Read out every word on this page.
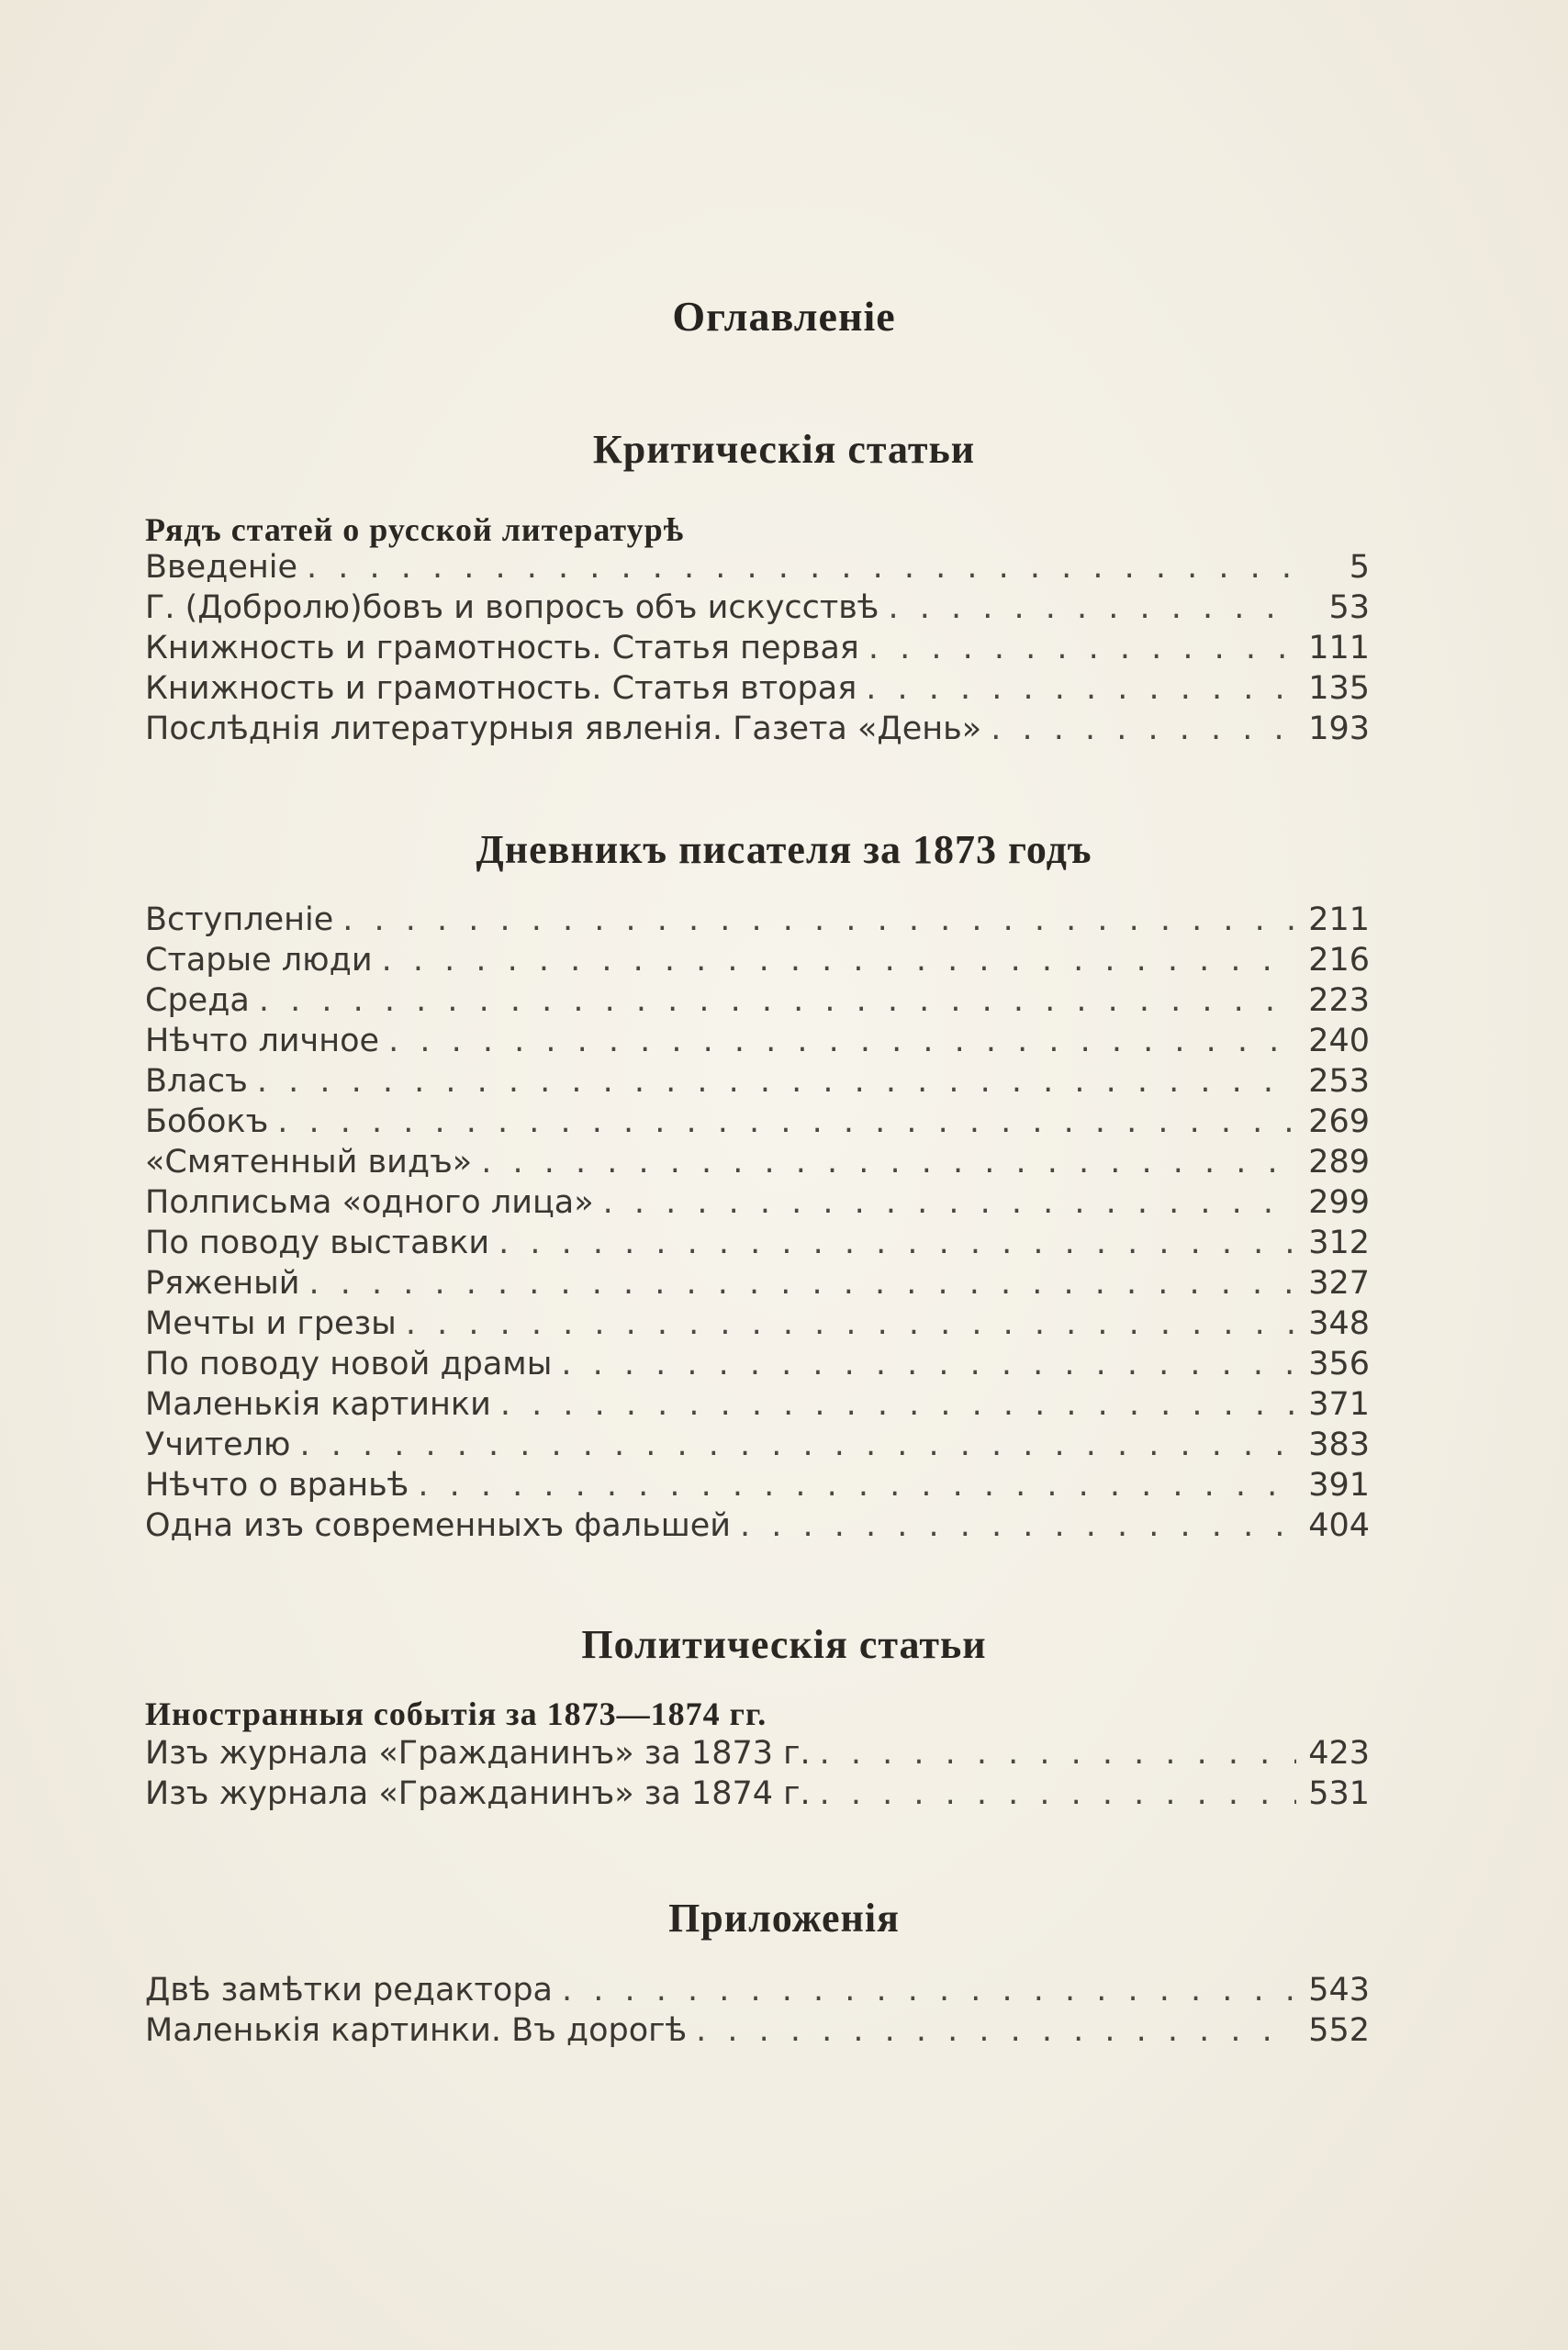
Оглавленіе
Критическія статьи
Рядъ статей о русской литературѣ
Введеніе . . .	5
Г. (Добролю)бовъ и вопросъ объ искусствѣ . . .	53
Книжность и грамотность. Статья первая . . .	111
Книжность и грамотность. Статья вторая . . .	135
Послѣднія литературныя явленія. Газета «День» . . .	193
Дневникъ писателя за 1873 годъ
Вступленіе . . .	211
Старые люди . . .	216
Среда . . .	223
Нѣчто личное . . .	240
Власъ . . .	253
Бобокъ . . .	269
«Смятенный видъ» . . .	289
Полписьма «одного лица» . . .	299
По поводу выставки . . .	312
Ряженый . . .	327
Мечты и грезы . . .	348
По поводу новой драмы . . .	356
Маленькія картинки . . .	371
Учителю . . .	383
Нѣчто о враньѣ . . .	391
Одна изъ современныхъ фальшей . . .	404
Политическія статьи
Иностранныя событія за 1873—1874 гг.
Изъ журнала «Гражданинъ» за 1873 г. . . .	423
Изъ журнала «Гражданинъ» за 1874 г. . . .	531
Приложенія
Двѣ замѣтки редактора . . .	543
Маленькія картинки. Въ дорогѣ . . .	552
